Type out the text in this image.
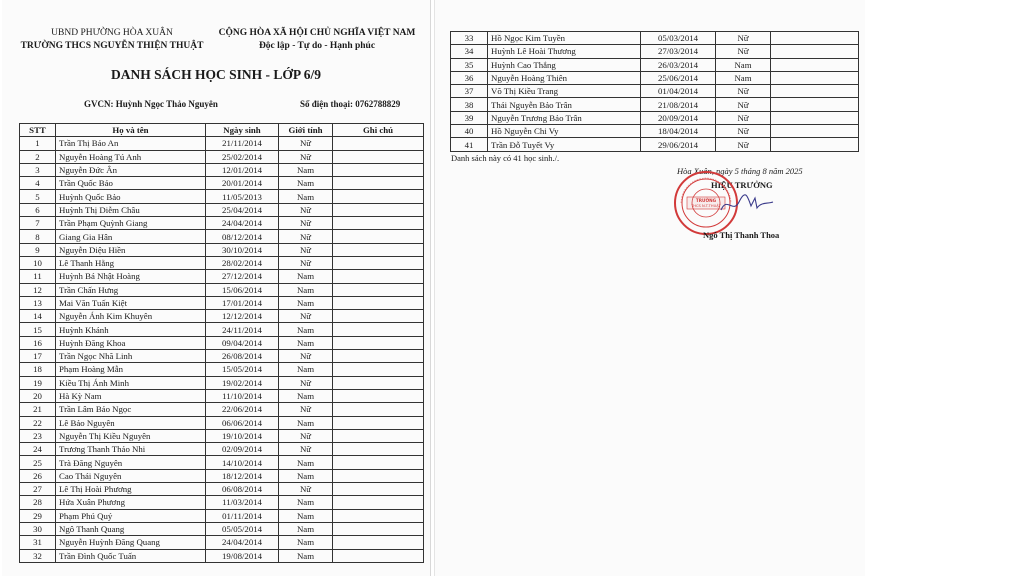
UBND PHƯỜNG HÒA XUÂN
TRƯỜNG THCS NGUYỄN THIỆN THUẬT
CỘNG HÒA XÃ HỘI CHỦ NGHĨA VIỆT NAM
Độc lập - Tự do - Hạnh phúc
DANH SÁCH HỌC SINH - LỚP 6/9
GVCN: Huỳnh Ngọc Thảo Nguyên	Số điện thoại: 0762788829
STT	Họ và tên	Ngày sinh	Giới tính	Ghi chú
1	Trần Thị Bảo An	21/11/2014	Nữ	
2	Nguyễn Hoàng Tú Anh	25/02/2014	Nữ	
3	Nguyễn Đức Ân	12/01/2014	Nam	
4	Trần Quốc Bảo	20/01/2014	Nam	
5	Huỳnh Quốc Bảo	11/05/2013	Nam	
6	Huỳnh Thị Diễm Châu	25/04/2014	Nữ	
7	Trần Phạm Quỳnh Giang	24/04/2014	Nữ	
8	Giang Gia Hân	08/12/2014	Nữ	
9	Nguyễn Diệu Hiền	30/10/2014	Nữ	
10	Lê Thanh Hằng	28/02/2014	Nữ	
11	Huỳnh Bá Nhật Hoàng	27/12/2014	Nam	
12	Trần Chấn Hưng	15/06/2014	Nam	
13	Mai Văn Tuấn Kiệt	17/01/2014	Nam	
14	Nguyễn Ánh Kim Khuyên	12/12/2014	Nữ	
15	Huỳnh Khánh	24/11/2014	Nam	
16	Huỳnh Đăng Khoa	09/04/2014	Nam	
17	Trần Ngọc Nhã Linh	26/08/2014	Nữ	
18	Phạm Hoàng Mẫn	15/05/2014	Nam	
19	Kiều Thị Ánh Minh	19/02/2014	Nữ	
20	Hà Kỳ Nam	11/10/2014	Nam	
21	Trần Lâm Bảo Ngọc	22/06/2014	Nữ	
22	Lê Bảo Nguyên	06/06/2014	Nam	
23	Nguyễn Thị Kiều Nguyên	19/10/2014	Nữ	
24	Trương Thanh Thảo Nhi	02/09/2014	Nữ	
25	Trà Đăng Nguyên	14/10/2014	Nam	
26	Cao Thái Nguyên	18/12/2014	Nam	
27	Lê Thị Hoài Phương	06/08/2014	Nữ	
28	Hứa Xuân Phương	11/03/2014	Nam	
29	Phạm Phú Quý	01/11/2014	Nam	
30	Ngô Thanh Quang	05/05/2014	Nam	
31	Nguyễn Huỳnh Đăng Quang	24/04/2014	Nam	
32	Trần Đình Quốc Tuấn	19/08/2014	Nam	
33	Hồ Ngọc Kim Tuyền	05/03/2014	Nữ	
34	Huỳnh Lê Hoài Thương	27/03/2014	Nữ	
35	Huỳnh Cao Thắng	26/03/2014	Nam	
36	Nguyễn Hoàng Thiên	25/06/2014	Nam	
37	Võ Thị Kiều Trang	01/04/2014	Nữ	
38	Thái Nguyễn Bảo Trân	21/08/2014	Nữ	
39	Nguyễn Trương Bảo Trân	20/09/2014	Nữ	
40	Hồ Nguyễn Chi Vy	18/04/2014	Nữ	
41	Trần Đỗ Tuyết Vy	29/06/2014	Nữ	
Danh sách này có 41 học sinh./.
Hòa Xuân, ngày 5 tháng 8 năm 2025
HIỆU TRƯỞNG
TRƯỜNG
THCS N.T.THUẬT
Ngô Thị Thanh Thoa
